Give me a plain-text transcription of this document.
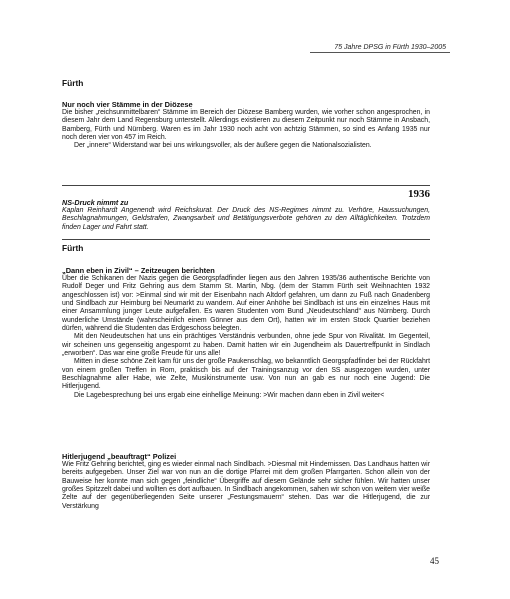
75 Jahre DPSG in Fürth 1930–2005
Fürth
Nur noch vier Stämme in der Diözese

Die bisher „reichsunmittelbaren“ Stämme im Bereich der Diözese Bamberg wurden, wie vorher schon angesprochen, in diesem Jahr dem Land Regensburg unterstellt. Allerdings existieren zu diesem Zeitpunkt nur noch Stämme in Ansbach, Bamberg, Fürth und Nürnberg. Waren es im Jahr 1930 noch acht von achtzig Stämmen, so sind es Anfang 1935 nur noch deren vier von 457 im Reich.

Der „innere“ Widerstand war bei uns wirkungsvoller, als der äußere gegen die Nationalsozialisten.

1936
NS-Druck nimmt zu
Kaplan Reinhardt Angenendt wird Reichskurat. Der Druck des NS-Regimes nimmt zu. Verhöre, Haussuchungen, Beschlagnahmungen, Geldstrafen, Zwangsarbeit und Betätigungsverbote gehören zu den Alltäglichkeiten. Trotzdem finden Lager und Fahrt statt.
Fürth
„Dann eben in Zivil“ – Zeitzeugen berichten

Über die Schikanen der Nazis gegen die Georgspfadfinder liegen aus den Jahren 1935/36 authentische Berichte von Rudolf Deger und Fritz Gehring aus dem Stamm St. Martin, Nbg. (dem der Stamm Fürth seit Weihnachten 1932 angeschlossen ist) vor: >Einmal sind wir mit der Eisenbahn nach Altdorf gefahren, um dann zu Fuß nach Gnadenberg und Sindlbach zur Heimburg bei Neumarkt zu wandern. Auf einer Anhöhe bei Sindlbach ist uns ein einzelnes Haus mit einer Ansammlung junger Leute aufgefallen. Es waren Studenten vom Bund „Neudeutschland“ aus Nürnberg. Durch wunderliche Umstände (wahrscheinlich einem Gönner aus dem Ort), hatten wir im ersten Stock Quartier beziehen dürfen, während die Studenten das Erdgeschoss belegten.

Mit den Neudeutschen hat uns ein prächtiges Verständnis verbunden, ohne jede Spur von Rivalität. Im Gegenteil, wir scheinen uns gegenseitig angespornt zu haben. Damit hatten wir ein Jugendheim als Dauertreffpunkt in Sindlach „erworben“. Das war eine große Freude für uns alle!

Mitten in diese schöne Zeit kam für uns der große Paukenschlag, wo bekanntlich Georgspfadfinder bei der Rückfahrt von einem großen Treffen in Rom, praktisch bis auf der Trainingsanzug vor den SS ausgezogen wurden, unter Beschlagnahme aller Habe, wie Zelte, Musikinstrumente usw. Von nun an gab es nur noch eine Jugend: Die Hitlerjugend.

Die Lagebesprechung bei uns ergab eine einhellige Meinung: >Wir machen dann eben in Zivil weiter<

Hitlerjugend „beauftragt“ Polizei

Wie Fritz Gehring berichtet, ging es wieder einmal nach Sindlbach. >Diesmal mit Hindernissen. Das Landhaus hatten wir bereits aufgegeben. Unser Ziel war von nun an die dortige Pfarrei mit dem großen Pfarrgarten. Schon allein von der Bauweise her konnte man sich gegen „feindliche“ Übergriffe auf diesem Gelände sehr sicher fühlen. Wir hatten unser großes Spitzzelt dabei und wollten es dort aufbauen. In Sindlbach angekommen, sahen wir schon von weitem vier weiße Zelte auf der gegenüberliegenden Seite unserer „Festungsmauern“ stehen. Das war die Hitlerjugend, die zur Verstärkung

45
